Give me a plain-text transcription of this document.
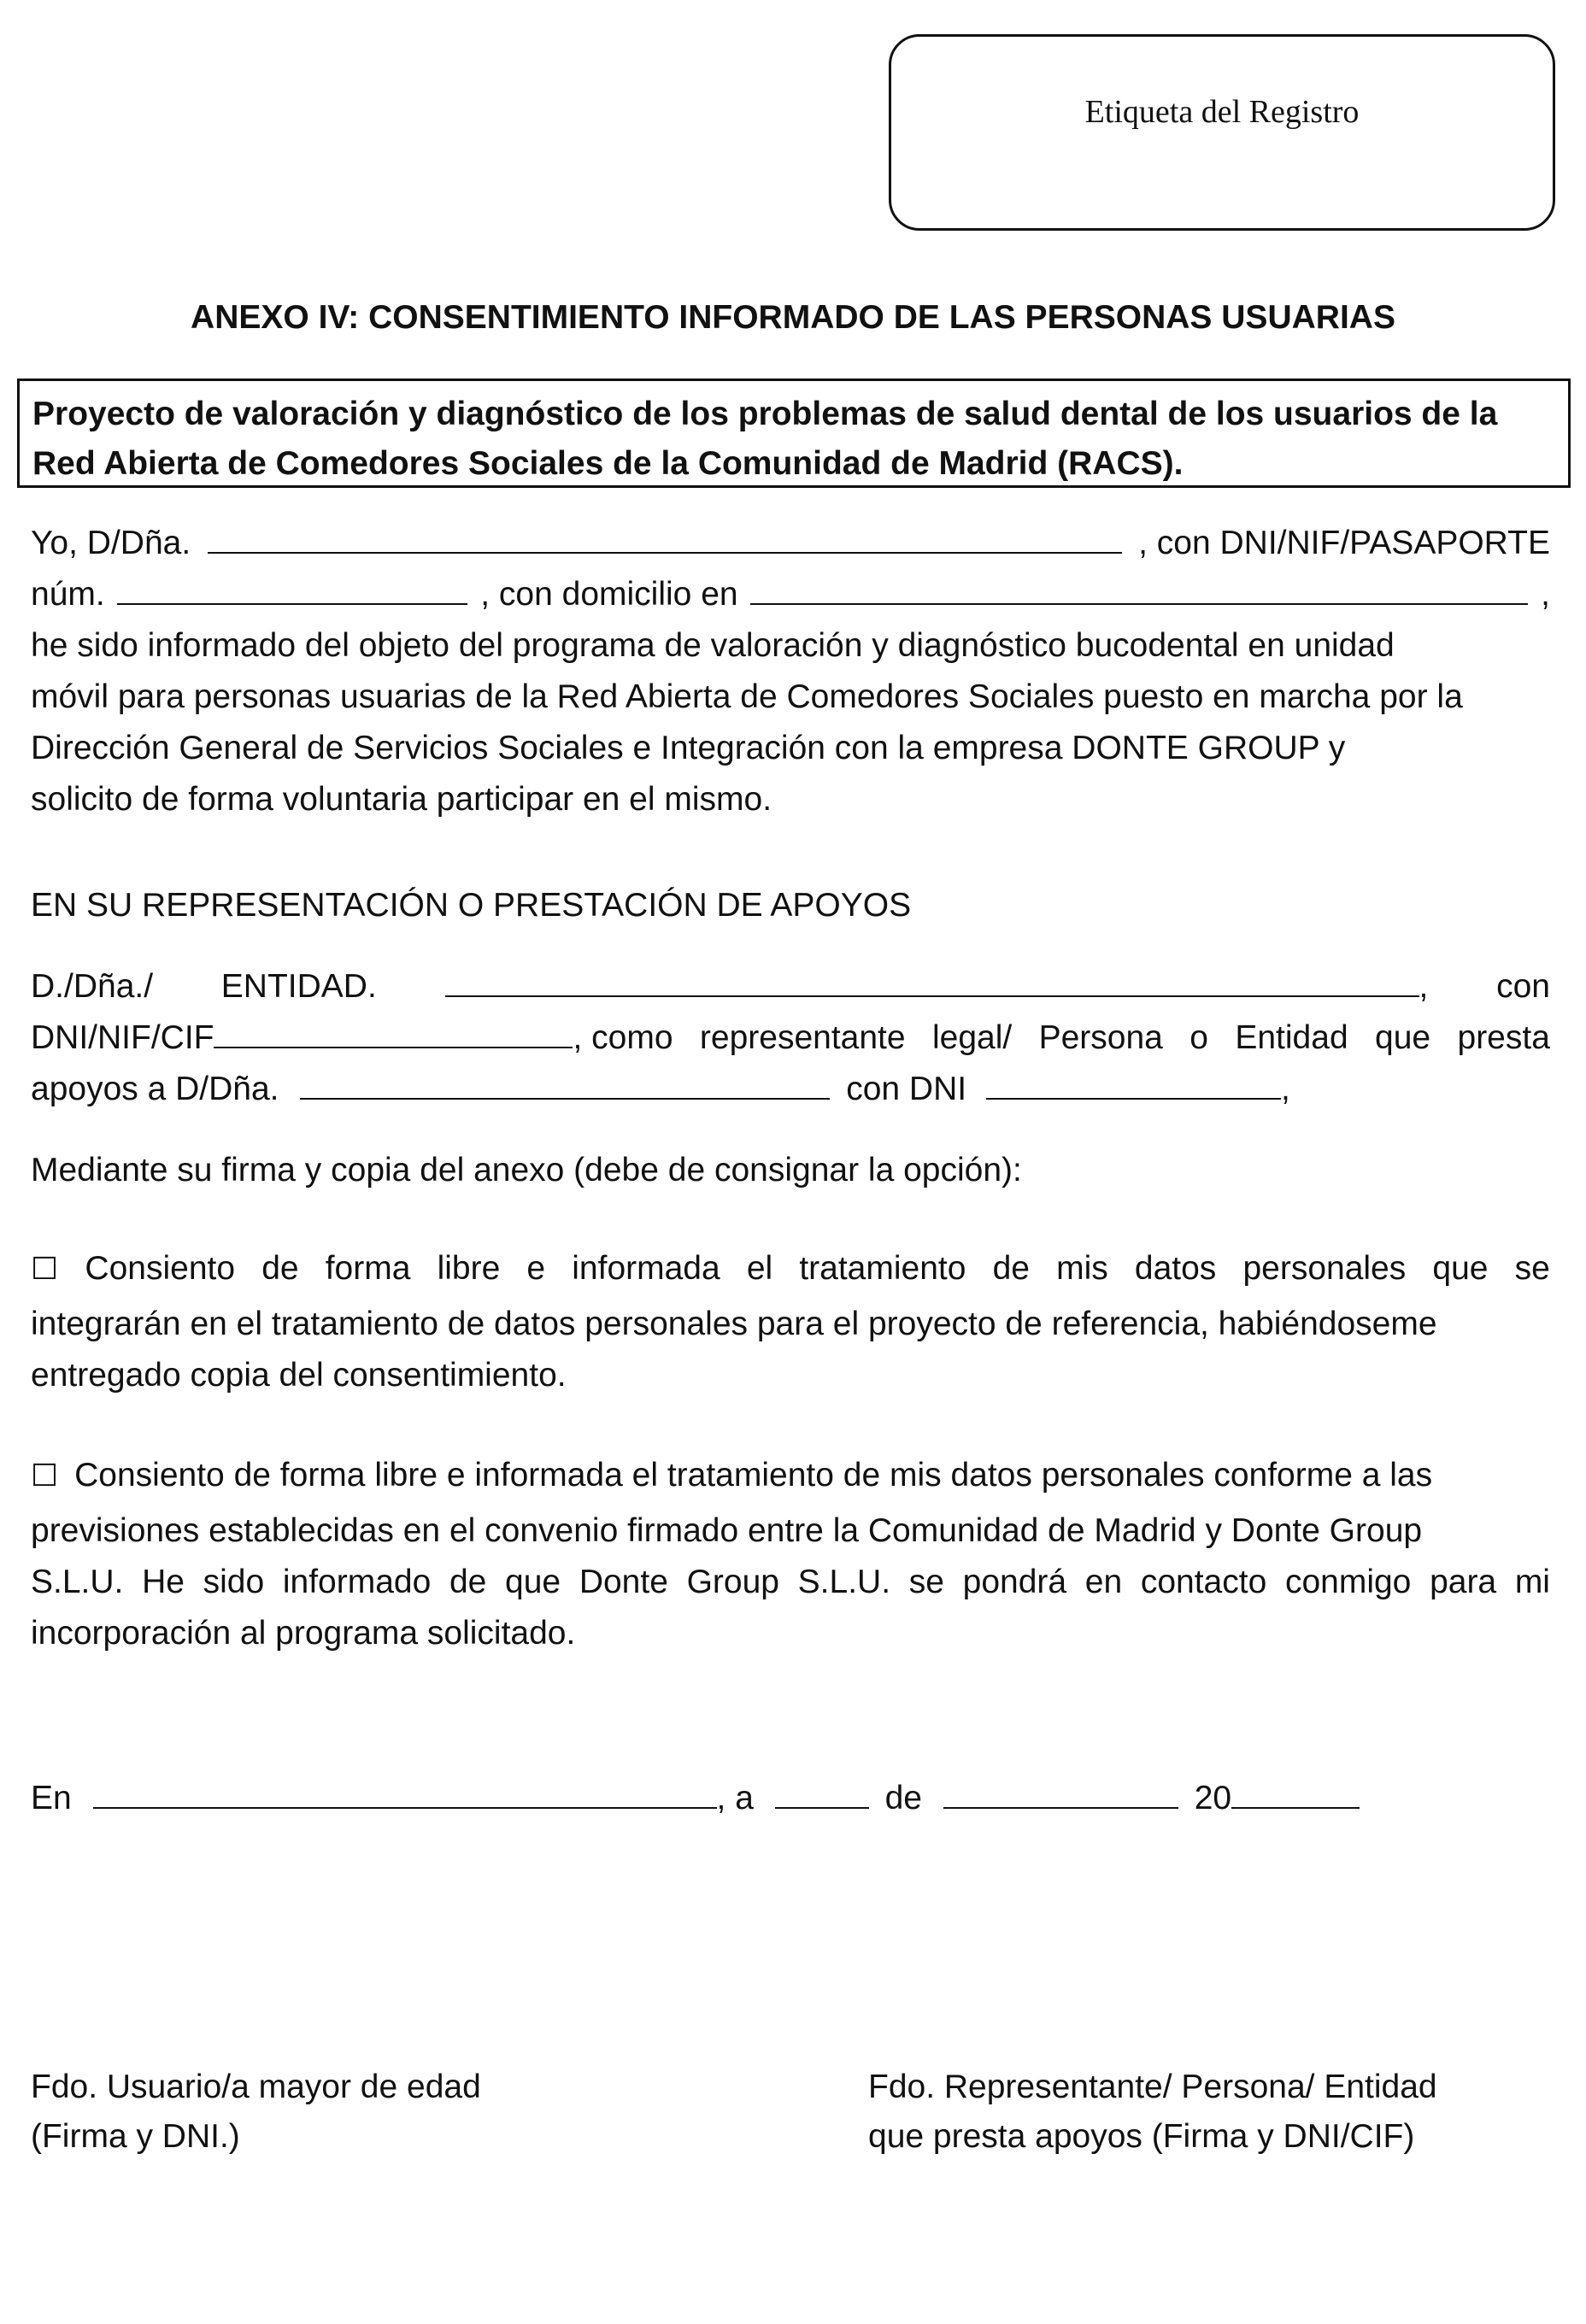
Etiqueta del Registro
ANEXO IV: CONSENTIMIENTO INFORMADO DE LAS PERSONAS USUARIAS
Proyecto de valoración y diagnóstico de los problemas de salud dental de los usuarios de la
Red Abierta de Comedores Sociales de la Comunidad de Madrid (RACS).
Yo, D/Dña.	, con DNI/NIF/PASAPORTE
núm.	, con domicilio en	,
he sido informado del objeto del programa de valoración y diagnóstico bucodental en unidad
móvil para personas usuarias de la Red Abierta de Comedores Sociales puesto en marcha por la
Dirección General de Servicios Sociales e Integración con la empresa DONTE GROUP y
solicito de forma voluntaria participar en el mismo.
EN SU REPRESENTACIÓN O PRESTACIÓN DE APOYOS
D./Dña./ ENTIDAD.	, con
DNI/NIF/CIF	, como representante legal/ Persona o Entidad que presta
apoyos a D/Dña.	con DNI	,
Mediante su firma y copia del anexo (debe de consignar la opción):
☐ Consiento de forma libre e informada el tratamiento de mis datos personales que se
integrarán en el tratamiento de datos personales para el proyecto de referencia, habiéndoseme
entregado copia del consentimiento.
☐ Consiento de forma libre e informada el tratamiento de mis datos personales conforme a las
previsiones establecidas en el convenio firmado entre la Comunidad de Madrid y Donte Group
S.L.U. He sido informado de que Donte Group S.L.U. se pondrá en contacto conmigo para mi
incorporación al programa solicitado.
En	, a	de	20
Fdo. Usuario/a mayor de edad
(Firma y DNI.)
Fdo. Representante/ Persona/ Entidad
que presta apoyos (Firma y DNI/CIF)
